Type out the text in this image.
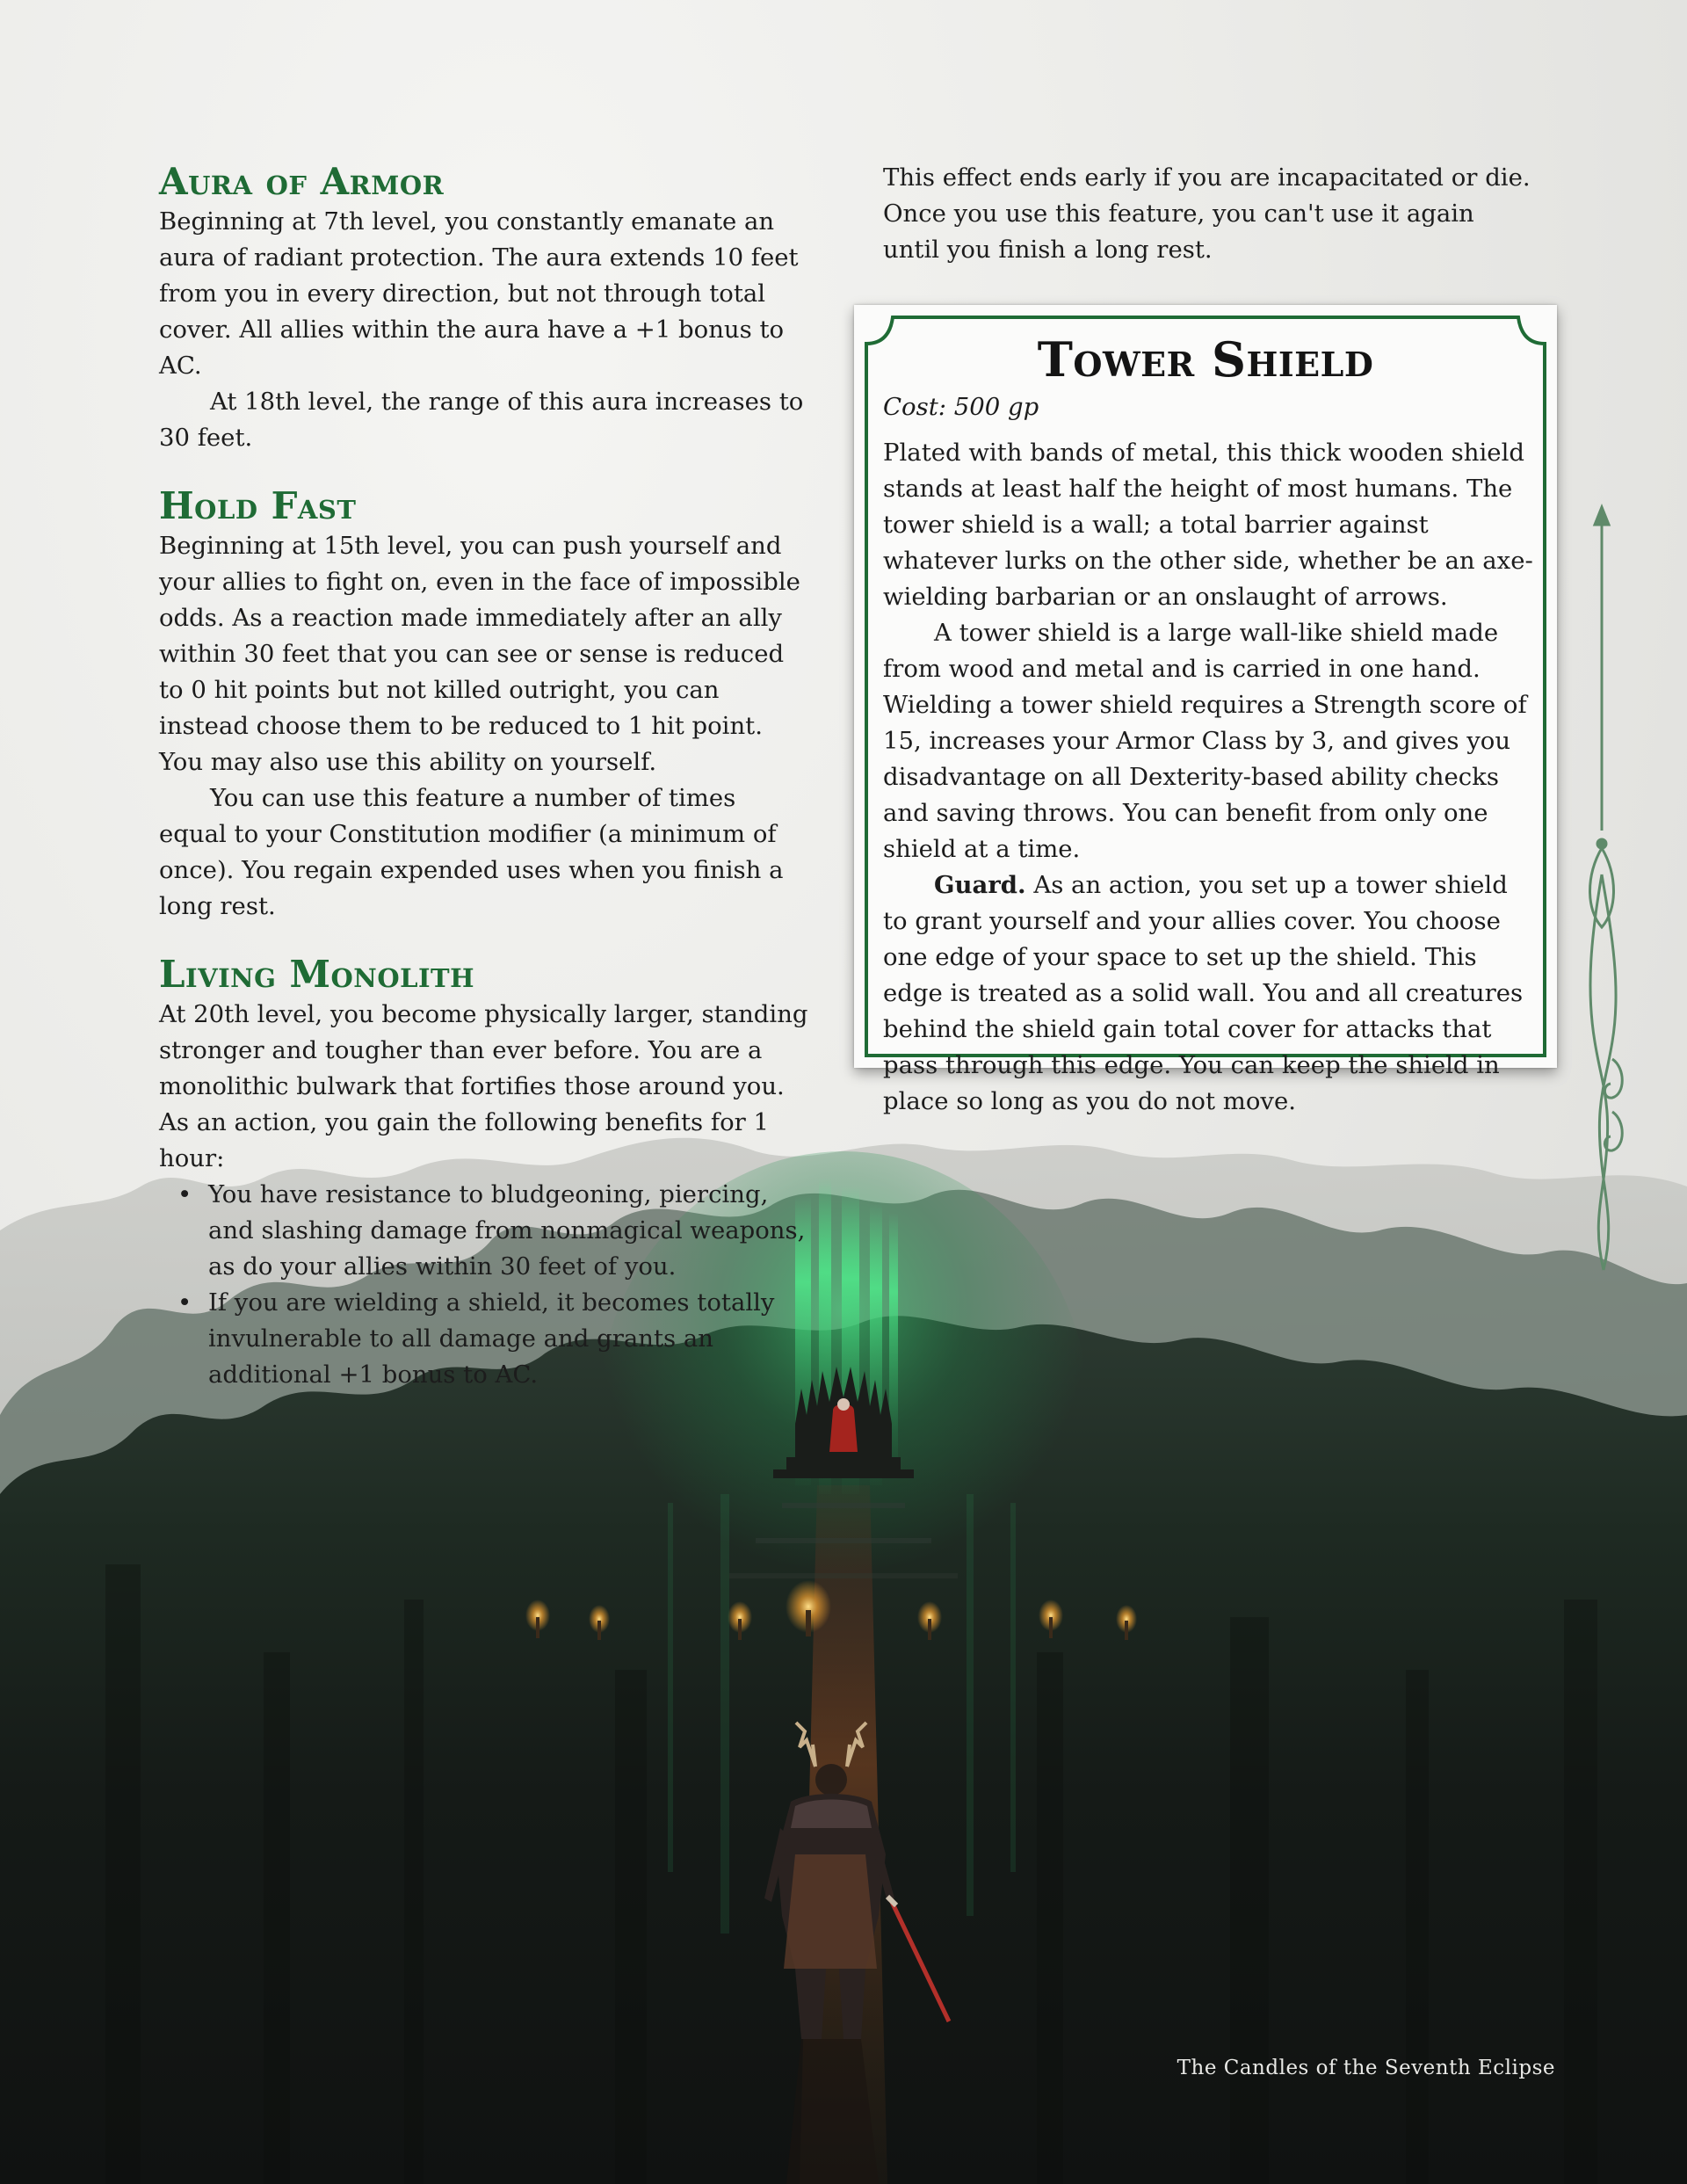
Aura of Armor

Beginning at 7th level, you constantly emanate an aura of radiant protection. The aura extends 10 feet from you in every direction, but not through total cover. All allies within the aura have a +1 bonus to AC.

At 18th level, the range of this aura increases to 30 feet.

Hold Fast

Beginning at 15th level, you can push yourself and your allies to fight on, even in the face of impossible odds. As a reaction made immediately after an ally within 30 feet that you can see or sense is reduced to 0 hit points but not killed outright, you can instead choose them to be reduced to 1 hit point. You may also use this ability on yourself.

You can use this feature a number of times equal to your Constitution modifier (a minimum of once). You regain expended uses when you finish a long rest.

Living Monolith

At 20th level, you become physically larger, standing stronger and tougher than ever before. You are a monolithic bulwark that fortifies those around you. As an action, you gain the following benefits for 1 hour:

• You have resistance to bludgeoning, piercing, and slashing damage from nonmagical weapons, as do your allies within 30 feet of you.
• If you are wielding a shield, it becomes totally invulnerable to all damage and grants an additional +1 bonus to AC.

This effect ends early if you are incapacitated or die. Once you use this feature, you can't use it again until you finish a long rest.

Tower Shield
Cost: 500 gp

Plated with bands of metal, this thick wooden shield stands at least half the height of most humans. The tower shield is a wall; a total barrier against whatever lurks on the other side, whether be an axe-wielding barbarian or an onslaught of arrows.

A tower shield is a large wall-like shield made from wood and metal and is carried in one hand. Wielding a tower shield requires a Strength score of 15, increases your Armor Class by 3, and gives you disadvantage on all Dexterity-based ability checks and saving throws. You can benefit from only one shield at a time.

Guard. As an action, you set up a tower shield to grant yourself and your allies cover. You choose one edge of your space to set up the shield. This edge is treated as a solid wall. You and all creatures behind the shield gain total cover for attacks that pass through this edge. You can keep the shield in place so long as you do not move.

The Candles of the Seventh Eclipse
